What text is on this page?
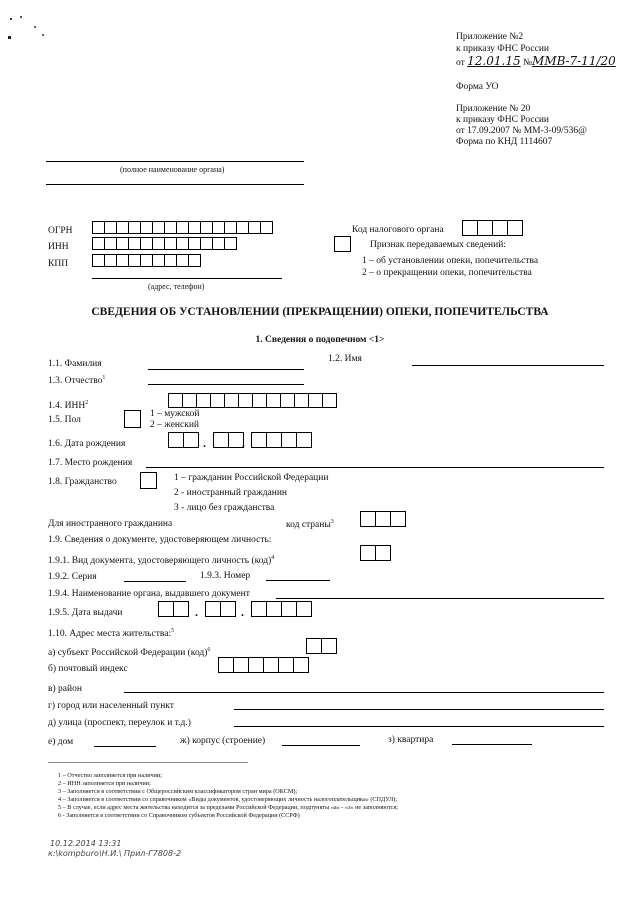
Приложение №2
к приказу ФНС России
от 12.01.15 №ММВ-7-11/20
Форма УО
Приложение № 20
к приказу ФНС России
от 17.09.2007 № ММ-3-09/536@
Форма по КНД 1114607
(полное наименование органа)
ОГРН
ИНН
КПП
(адрес, телефон)
Код налогового органа
Признак передаваемых сведений:
1 – об установлении опеки, попечительства
2 – о прекращении опеки, попечительства
СВЕДЕНИЯ ОБ УСТАНОВЛЕНИИ (ПРЕКРАЩЕНИИ) ОПЕКИ, ПОПЕЧИТЕЛЬСТВА
1. Сведения о подопечном <1>
1.1. Фамилия	1.2. Имя
1.3. Отчество$^1$
1.4. ИНН$^2$
1.5. Пол
1 – мужской
2 – женский
1.6. Дата рождения	.	.
1.7. Место рождения
1.8. Гражданство	1 – гражданин Российской Федерации
2 - иностранный гражданин
3 - лицо без гражданства
Для иностранного гражданина	код страны$^3$
1.9. Сведения о документе, удостоверяющем личность:
1.9.1. Вид документа, удостоверяющего личность (код)$^4$
1.9.2. Серия	1.9.3. Номер
1.9.4. Наименование органа, выдавшего документ
1.9.5. Дата выдачи	.	.
1.10. Адрес места жительства:$^5$
а) субъект Российской Федерации (код)$^6$
б) почтовый индекс
в) район
г) город или населенный пункт
д) улица (проспект, переулок и т.д.)
е) дом	ж) корпус (строение)	з) квартира
1 – Отчество заполняется при наличии;
2 – ИНН заполняется при наличии;
3 – Заполняется в соответствии с Общероссийским классификатором стран мира (ОКСМ);
4 – Заполняется в соответствии со справочником «Виды документов, удостоверяющих личность налогоплательщика» (СПДУЛ);
5 – В случае, если адрес места жительства находится за пределами Российской Федерации, подпункты «а» - «з» не заполняются;
6 - Заполняется в соответствии со Справочником субъектов Российской Федерации (ССРФ)
10.12.2014 13:31
к:\kompburo\Н.И.\ Прил-Г7808-2
